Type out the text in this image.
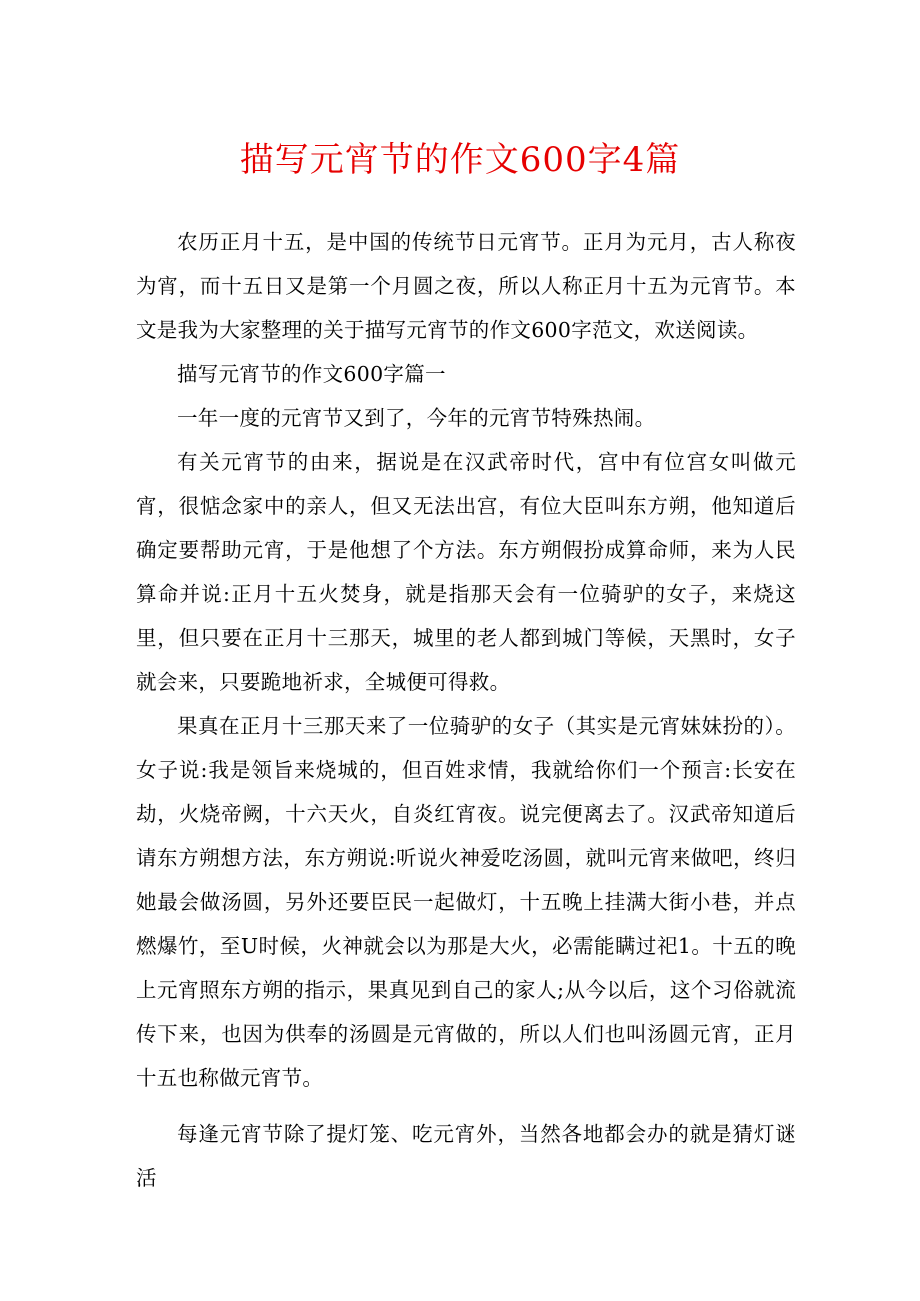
描写元宵节的作文600字4篇

农历正月十五，是中国的传统节日元宵节。正月为元月，古人称夜为宵，而十五日又是第一个月圆之夜，所以人称正月十五为元宵节。本文是我为大家整理的关于描写元宵节的作文600字范文，欢送阅读。

描写元宵节的作文600字篇一

一年一度的元宵节又到了，今年的元宵节特殊热闹。

有关元宵节的由来，据说是在汉武帝时代，宫中有位宫女叫做元宵，很惦念家中的亲人，但又无法出宫，有位大臣叫东方朔，他知道后确定要帮助元宵，于是他想了个方法。东方朔假扮成算命师，来为人民算命并说:正月十五火焚身，就是指那天会有一位骑驴的女子，来烧这里，但只要在正月十三那天，城里的老人都到城门等候，天黑时，女子就会来，只要跪地祈求，全城便可得救。

果真在正月十三那天来了一位骑驴的女子（其实是元宵妹妹扮的）。女子说:我是领旨来烧城的，但百姓求情，我就给你们一个预言:长安在劫，火烧帝阙，十六天火，自炎红宵夜。说完便离去了。汉武帝知道后请东方朔想方法，东方朔说:听说火神爱吃汤圆，就叫元宵来做吧，终归她最会做汤圆，另外还要臣民一起做灯，十五晚上挂满大街小巷，并点燃爆竹，至U时候，火神就会以为那是大火，必需能瞒过祀1。十五的晚上元宵照东方朔的指示，果真见到自己的家人;从今以后，这个习俗就流传下来，也因为供奉的汤圆是元宵做的，所以人们也叫汤圆元宵，正月十五也称做元宵节。

每逢元宵节除了提灯笼、吃元宵外，当然各地都会办的就是猜灯谜活
